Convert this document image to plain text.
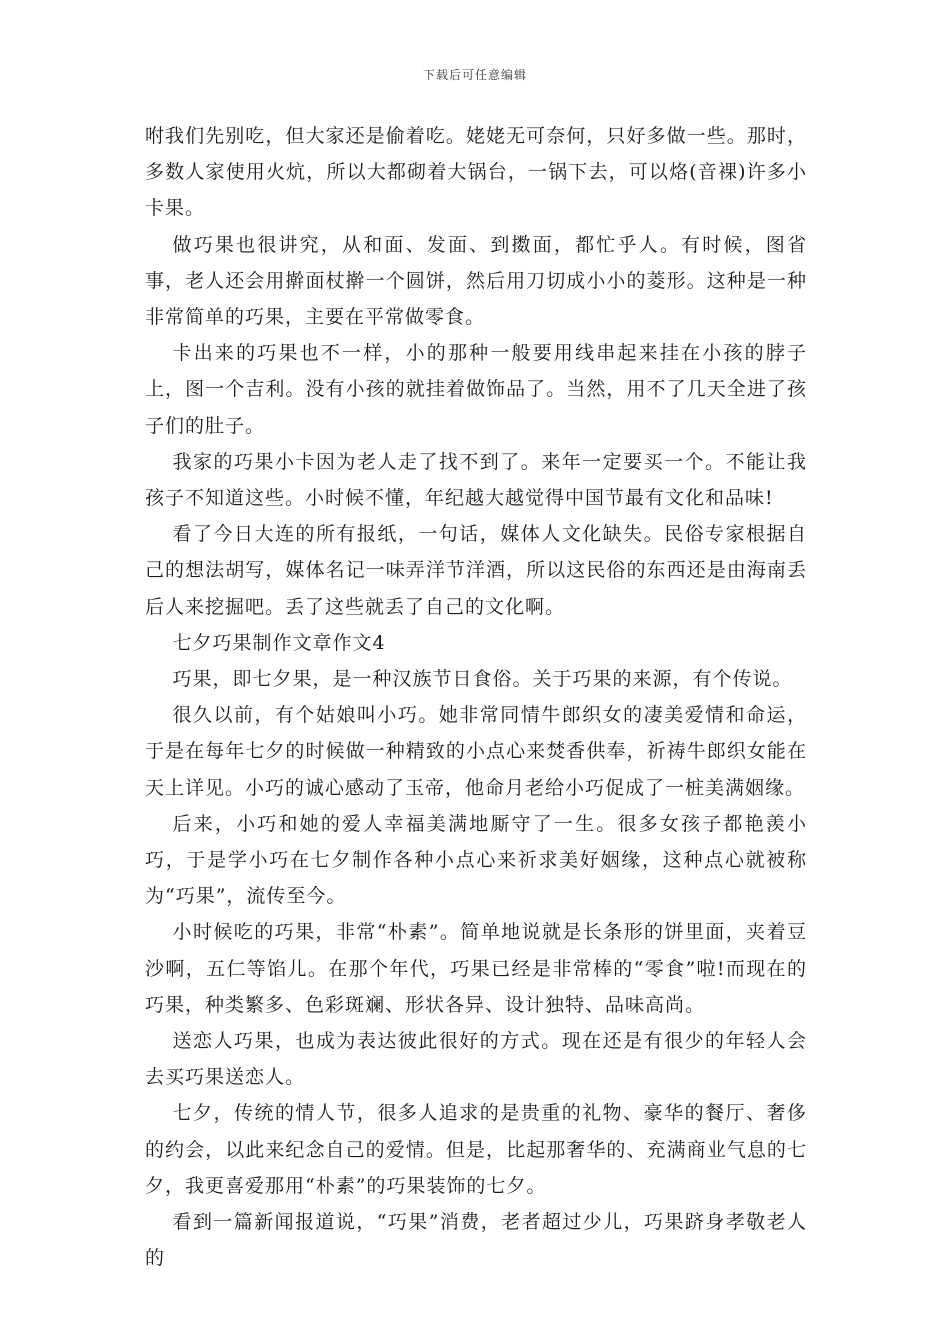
下载后可任意编辑

咐我们先别吃，但大家还是偷着吃。姥姥无可奈何，只好多做一些。那时，多数人家使用火炕，所以大都砌着大锅台，一锅下去，可以烙(音裸)许多小卡果。

做巧果也很讲究，从和面、发面、到擞面，都忙乎人。有时候，图省事，老人还会用擀面杖擀一个圆饼，然后用刀切成小小的菱形。这种是一种非常简单的巧果，主要在平常做零食。

卡出来的巧果也不一样，小的那种一般要用线串起来挂在小孩的脖子上，图一个吉利。没有小孩的就挂着做饰品了。当然，用不了几天全进了孩子们的肚子。

我家的巧果小卡因为老人走了找不到了。来年一定要买一个。不能让我孩子不知道这些。小时候不懂，年纪越大越觉得中国节最有文化和品味!

看了今日大连的所有报纸，一句话，媒体人文化缺失。民俗专家根据自己的想法胡写，媒体名记一味弄洋节洋酒，所以这民俗的东西还是由海南丢后人来挖掘吧。丢了这些就丢了自己的文化啊。

七夕巧果制作文章作文4

巧果，即七夕果，是一种汉族节日食俗。关于巧果的来源，有个传说。

很久以前，有个姑娘叫小巧。她非常同情牛郎织女的凄美爱情和命运，于是在每年七夕的时候做一种精致的小点心来焚香供奉，祈祷牛郎织女能在天上详见。小巧的诚心感动了玉帝，他命月老给小巧促成了一桩美满姻缘。

后来，小巧和她的爱人幸福美满地厮守了一生。很多女孩子都艳羡小巧，于是学小巧在七夕制作各种小点心来祈求美好姻缘，这种点心就被称为“巧果”，流传至今。

小时候吃的巧果，非常“朴素”。简单地说就是长条形的饼里面，夹着豆沙啊，五仁等馅儿。在那个年代，巧果已经是非常棒的“零食”啦!而现在的巧果，种类繁多、色彩斑斓、形状各异、设计独特、品味高尚。

送恋人巧果，也成为表达彼此很好的方式。现在还是有很少的年轻人会去买巧果送恋人。

七夕，传统的情人节，很多人追求的是贵重的礼物、豪华的餐厅、奢侈的约会，以此来纪念自己的爱情。但是，比起那奢华的、充满商业气息的七夕，我更喜爱那用“朴素”的巧果装饰的七夕。

看到一篇新闻报道说，“巧果”消费，老者超过少儿，巧果跻身孝敬老人的
